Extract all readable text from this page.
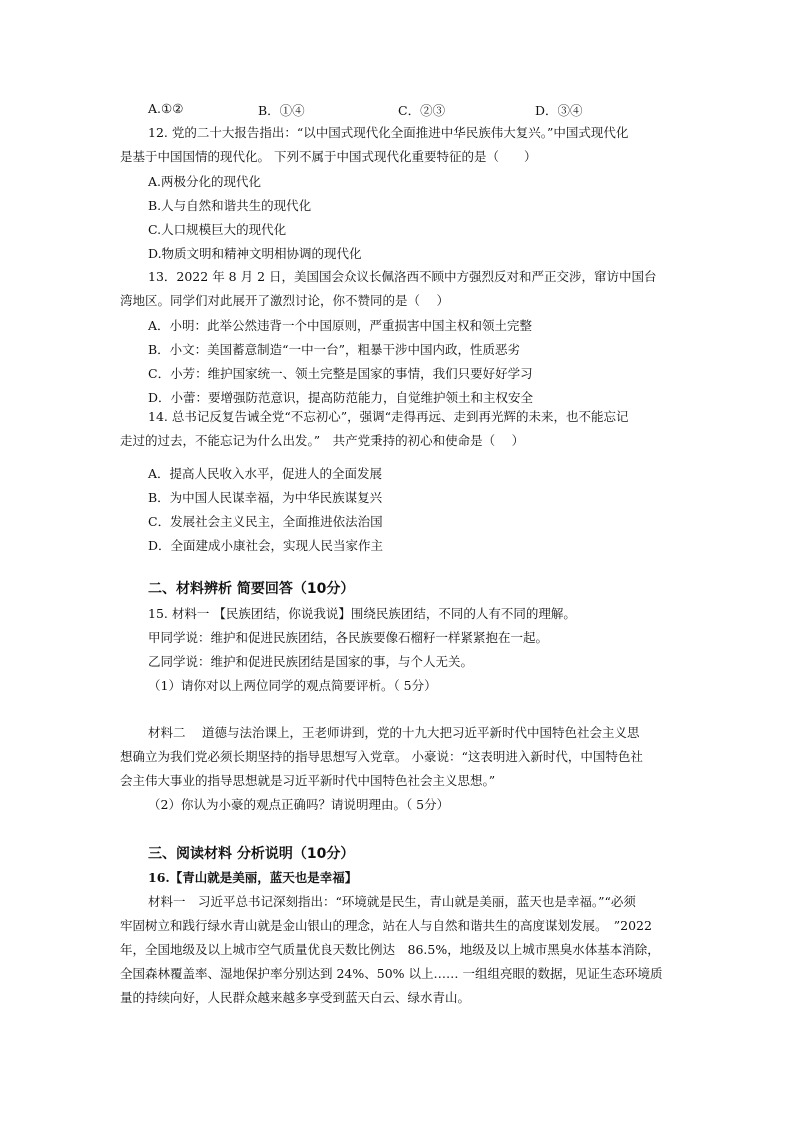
A.①②	B．①④	C．②③	D．③④
12. 党的二十大报告指出：“以中国式现代化全面推进中华民族伟大复兴。”中国式现代化
是基于中国国情的现代化。 下列不属于中国式现代化重要特征的是（　　）
A.两极分化的现代化
B.人与自然和谐共生的现代化
C.人口规模巨大的现代化
D.物质文明和精神文明相协调的现代化
13．2022 年 8 月 2 日，美国国会众议长佩洛西不顾中方强烈反对和严正交涉，窜访中国台
湾地区。同学们对此展开了激烈讨论，你不赞同的是（　 ）
A．小明：此举公然违背一个中国原则，严重损害中国主权和领土完整
B．小文：美国蓄意制造“一中一台”，粗暴干涉中国内政，性质恶劣
C．小芳：维护国家统一、领土完整是国家的事情，我们只要好好学习
D．小蕾：要增强防范意识，提高防范能力，自觉维护领土和主权安全
14. 总书记反复告诫全党“不忘初心”，强调“走得再远、走到再光辉的未来，也不能忘记
走过的过去，不能忘记为什么出发。”　共产党秉持的初心和使命是（　 ）
A．提高人民收入水平，促进人的全面发展
B．为中国人民谋幸福，为中华民族谋复兴
C．发展社会主义民主，全面推进依法治国
D．全面建成小康社会，实现人民当家作主
二、材料辨析 简要回答（10分）
15. 材料一 【民族团结，你说我说】围绕民族团结，不同的人有不同的理解。
甲同学说：维护和促进民族团结，各民族要像石榴籽一样紧紧抱在一起。
乙同学说：维护和促进民族团结是国家的事，与个人无关。
（1）请你对以上两位同学的观点简要评析。（ 5分）
材料二　 道德与法治课上，王老师讲到，党的十九大把习近平新时代中国特色社会主义思
想确立为我们党必须长期坚持的指导思想写入党章。 小豪说：“这表明进入新时代，中国特色社
会主伟大事业的指导思想就是习近平新时代中国特色社会主义思想。”
（2）你认为小豪的观点正确吗？请说明理由。（ 5分）
三、阅读材料 分析说明（10分）
16.【青山就是美丽，蓝天也是幸福】
材料一　习近平总书记深刻指出：“环境就是民生，青山就是美丽，蓝天也是幸福。”“必须
牢固树立和践行绿水青山就是金山银山的理念，站在人与自然和谐共生的高度谋划发展。　”2022
年，全国地级及以上城市空气质量优良天数比例达　86.5%，地级及以上城市黑臭水体基本消除，
全国森林覆盖率、湿地保护率分别达到 24%、50% 以上…… 一组组亮眼的数据，见证生态环境质
量的持续向好，人民群众越来越多享受到蓝天白云、绿水青山。
